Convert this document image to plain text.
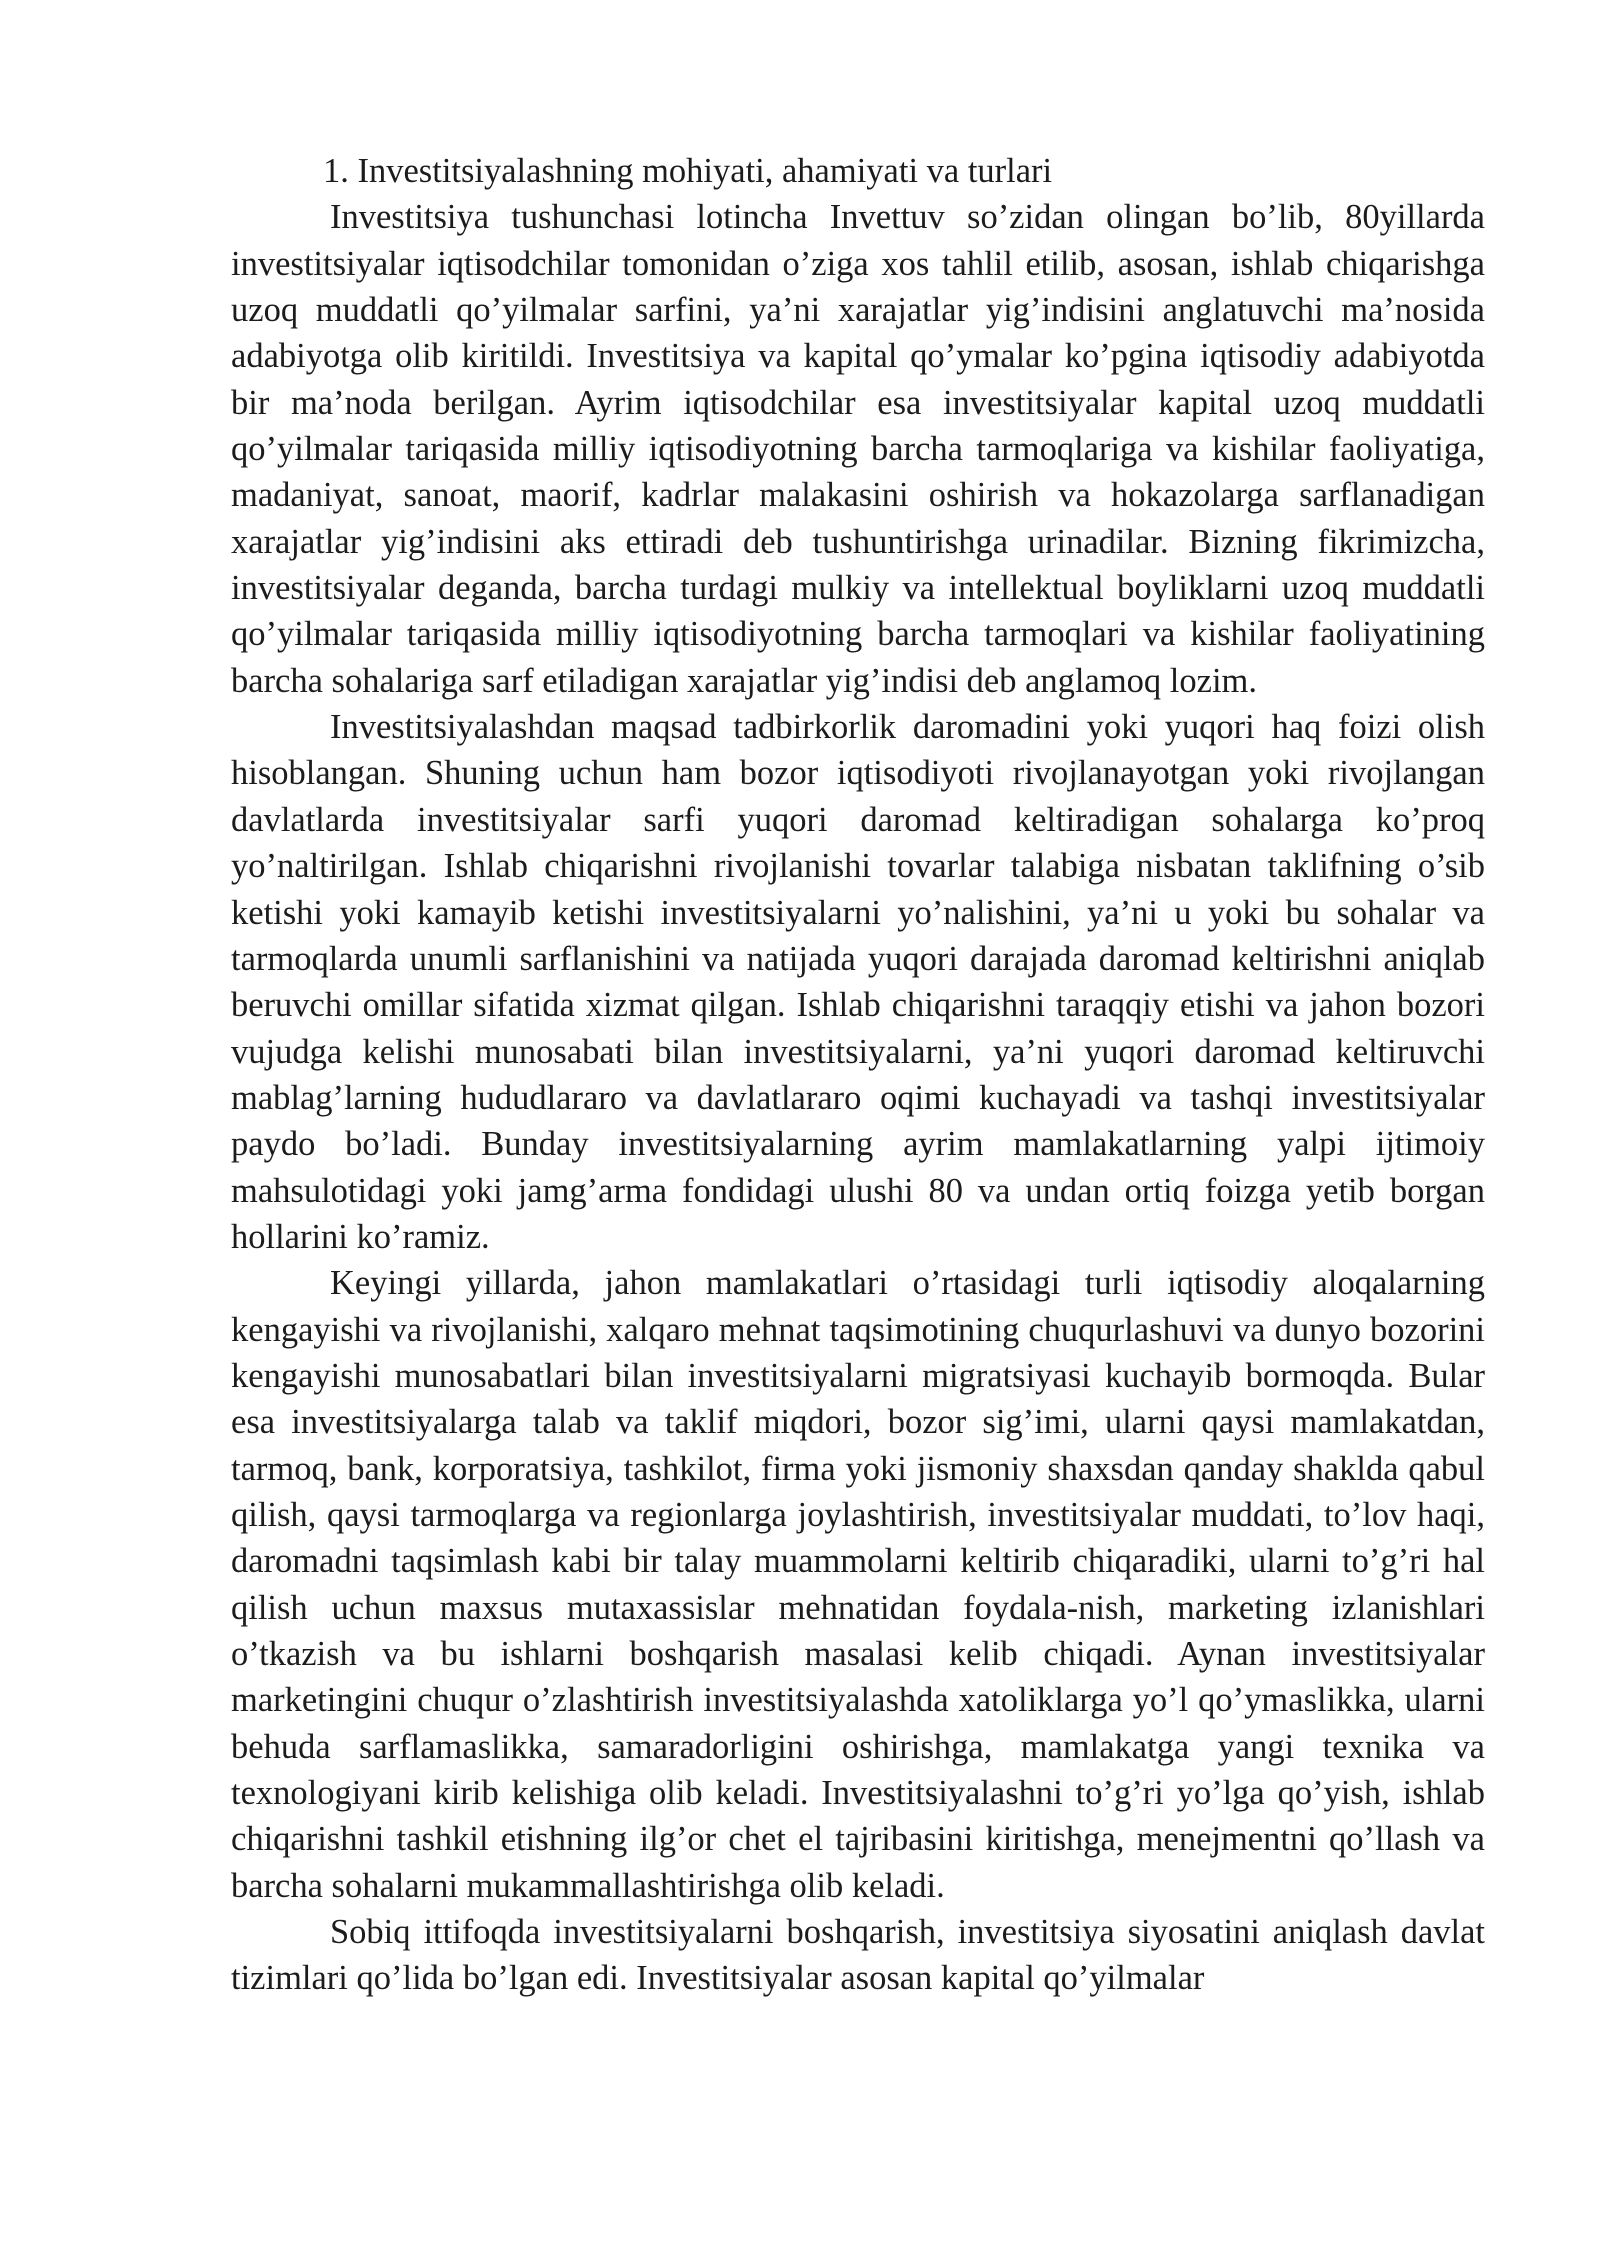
1. Investitsiyalashning mohiyati, ahamiyati va turlari

Investitsiya tushunchasi lotincha Invettuv so’zidan olingan bo’lib, 80yillarda investitsiyalar iqtisodchilar tomonidan o’ziga xos tahlil etilib, asosan, ishlab chiqarishga uzoq muddatli qo’yilmalar sarfini, ya’ni xarajatlar yig’indisini anglatuvchi ma’nosida adabiyotga olib kiritildi. Investitsiya va kapital qo’ymalar ko’pgina iqtisodiy adabiyotda bir ma’noda berilgan. Ayrim iqtisodchilar esa investitsiyalar kapital uzoq muddatli qo’yilmalar tariqasida milliy iqtisodiyotning barcha tarmoqlariga va kishilar faoliyatiga, madaniyat, sanoat, maorif, kadrlar malakasini oshirish va hokazolarga sarflanadigan xarajatlar yig’indisini aks ettiradi deb tushuntirishga urinadilar. Bizning fikrimizcha, investitsiyalar deganda, barcha turdagi mulkiy va intellektual boyliklarni uzoq muddatli qo’yilmalar tariqasida milliy iqtisodiyotning barcha tarmoqlari va kishilar faoliyatining barcha sohalariga sarf etiladigan xarajatlar yig’indisi deb anglamoq lozim.

Investitsiyalashdan maqsad tadbirkorlik daromadini yoki yuqori haq foizi olish hisoblangan. Shuning uchun ham bozor iqtisodiyoti rivojlanayotgan yoki rivojlangan davlatlarda investitsiyalar sarfi yuqori daromad keltiradigan sohalarga ko’proq yo’naltirilgan. Ishlab chiqarishni rivojlanishi tovarlar talabiga nisbatan taklifning o’sib ketishi yoki kamayib ketishi investitsiyalarni yo’nalishini, ya’ni u yoki bu sohalar va tarmoqlarda unumli sarflanishini va natijada yuqori darajada daromad keltirishni aniqlab beruvchi omillar sifatida xizmat qilgan. Ishlab chiqarishni taraqqiy etishi va jahon bozori vujudga kelishi munosabati bilan investitsiyalarni, ya’ni yuqori daromad keltiruvchi mablag’larning hududlararo va davlatlararo oqimi kuchayadi va tashqi investitsiyalar paydo bo’ladi. Bunday investitsiyalarning ayrim mamlakatlarning yalpi ijtimoiy mahsulotidagi yoki jamg’arma fondidagi ulushi 80 va undan ortiq foizga yetib borgan hollarini ko’ramiz.

Keyingi yillarda, jahon mamlakatlari o’rtasidagi turli iqtisodiy aloqalarning kengayishi va rivojlanishi, xalqaro mehnat taqsimotining chuqurlashuvi va dunyo bozorini kengayishi munosabatlari bilan investitsiyalarni migratsiyasi kuchayib bormoqda. Bular esa investitsiyalarga talab va taklif miqdori, bozor sig’imi, ularni qaysi mamlakatdan, tarmoq, bank, korporatsiya, tashkilot, firma yoki jismoniy shaxsdan qanday shaklda qabul qilish, qaysi tarmoqlarga va regionlarga joylashtirish, investitsiyalar muddati, to’lov haqi, daromadni taqsimlash kabi bir talay muammolarni keltirib chiqaradiki, ularni to’g’ri hal qilish uchun maxsus mutaxassislar mehnatidan foydala-nish, marketing izlanishlari o’tkazish va bu ishlarni boshqarish masalasi kelib chiqadi. Aynan investitsiyalar marketingini chuqur o’zlashtirish investitsiyalashda xatoliklarga yo’l qo’ymaslikka, ularni behuda sarflamaslikka, samaradorligini oshirishga, mamlakatga yangi texnika va texnologiyani kirib kelishiga olib keladi. Investitsiyalashni to’g’ri yo’lga qo’yish, ishlab chiqarishni tashkil etishning ilg’or chet el tajribasini kiritishga, menejmentni qo’llash va barcha sohalarni mukammallashtirishga olib keladi.

Sobiq ittifoqda investitsiyalarni boshqarish, investitsiya siyosatini aniqlash davlat tizimlari qo’lida bo’lgan edi. Investitsiyalar asosan kapital qo’yilmalar
